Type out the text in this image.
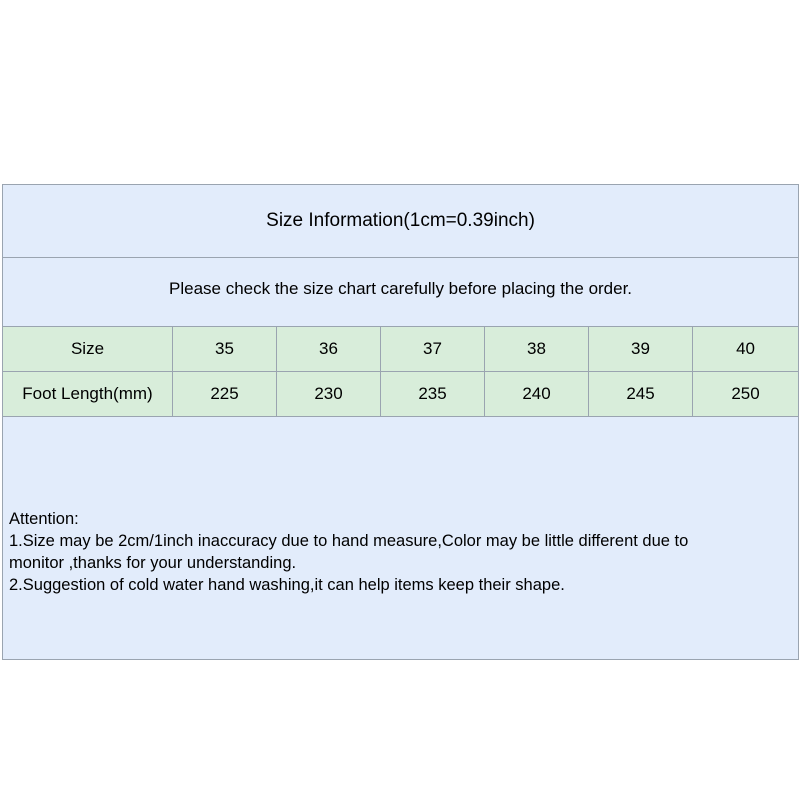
Size Information(1cm=0.39inch)						
Please check the size chart carefully before placing the order.						
Size	35	36	37	38	39	40
Foot Length(mm)	225	230	235	240	245	250

Attention:
1.Size may be 2cm/1inch inaccuracy due to hand measure,Color may be little different due to
monitor ,thanks for your understanding.
2.Suggestion of cold water hand washing,it can help items keep their shape.						
